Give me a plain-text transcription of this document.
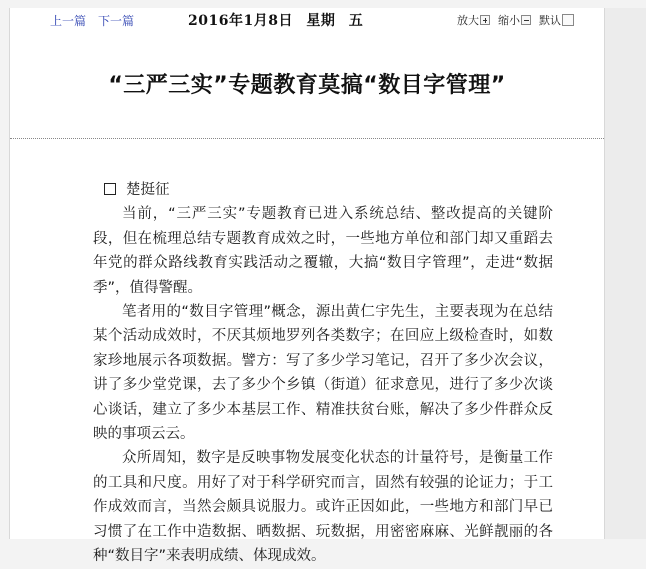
上一篇 下一篇	2016年1月8日 星期 五	放大 缩小 默认
“三严三实”专题教育莫搞“数目字管理”

楚挺征

当前，“三严三实”专题教育已进入系统总结、整改提高的关键阶段，但在梳理总结专题教育成效之时，一些地方单位和部门却又重蹈去年党的群众路线教育实践活动之覆辙，大搞“数目字管理”，走进“数据季”，值得警醒。

笔者用的“数目字管理”概念，源出黄仁宇先生，主要表现为在总结某个活动成效时，不厌其烦地罗列各类数字；在回应上级检查时，如数家珍地展示各项数据。譬方：写了多少学习笔记，召开了多少次会议，讲了多少堂党课，去了多少个乡镇（街道）征求意见，进行了多少次谈心谈话，建立了多少本基层工作、精准扶贫台账，解决了多少件群众反映的事项云云。

众所周知，数字是反映事物发展变化状态的计量符号，是衡量工作的工具和尺度。用好了对于科学研究而言，固然有较强的论证力；于工作成效而言，当然会颇具说服力。或许正因如此，一些地方和部门早已习惯了在工作中造数据、晒数据、玩数据，用密密麻麻、光鲜靓丽的各种“数目字”来表明成绩、体现成效。
